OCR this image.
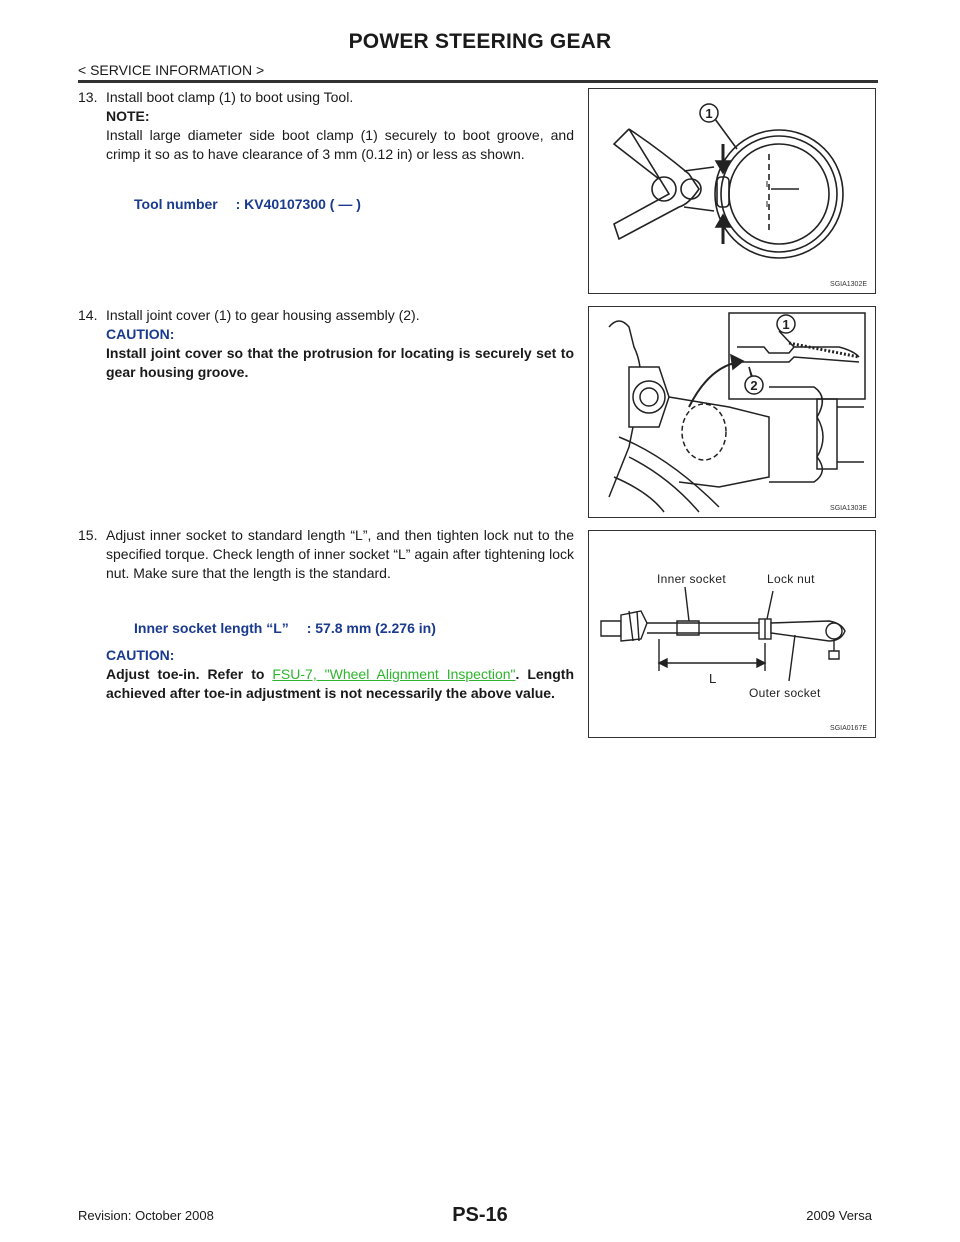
POWER STEERING GEAR
< SERVICE INFORMATION >
13. Install boot clamp (1) to boot using Tool.
NOTE:
Install large diameter side boot clamp (1) securely to boot groove, and crimp it so as to have clearance of 3 mm (0.12 in) or less as shown.
Tool number : KV40107300 ( — )
1
SGIA1302E
14. Install joint cover (1) to gear housing assembly (2).
CAUTION:
Install joint cover so that the protrusion for locating is securely set to gear housing groove.
1
2
SGIA1303E
15. Adjust inner socket to standard length “L”, and then tighten lock nut to the specified torque. Check length of inner socket “L” again after tightening lock nut. Make sure that the length is the standard.
Inner socket length “L” : 57.8 mm (2.276 in)
CAUTION:
Adjust toe-in. Refer to FSU-7, "Wheel Alignment Inspection". Length achieved after toe-in adjustment is not necessarily the above value.
Inner socket	Lock nut
L
Outer socket
SGIA0167E
Revision: October 2008	PS-16	2009 Versa
